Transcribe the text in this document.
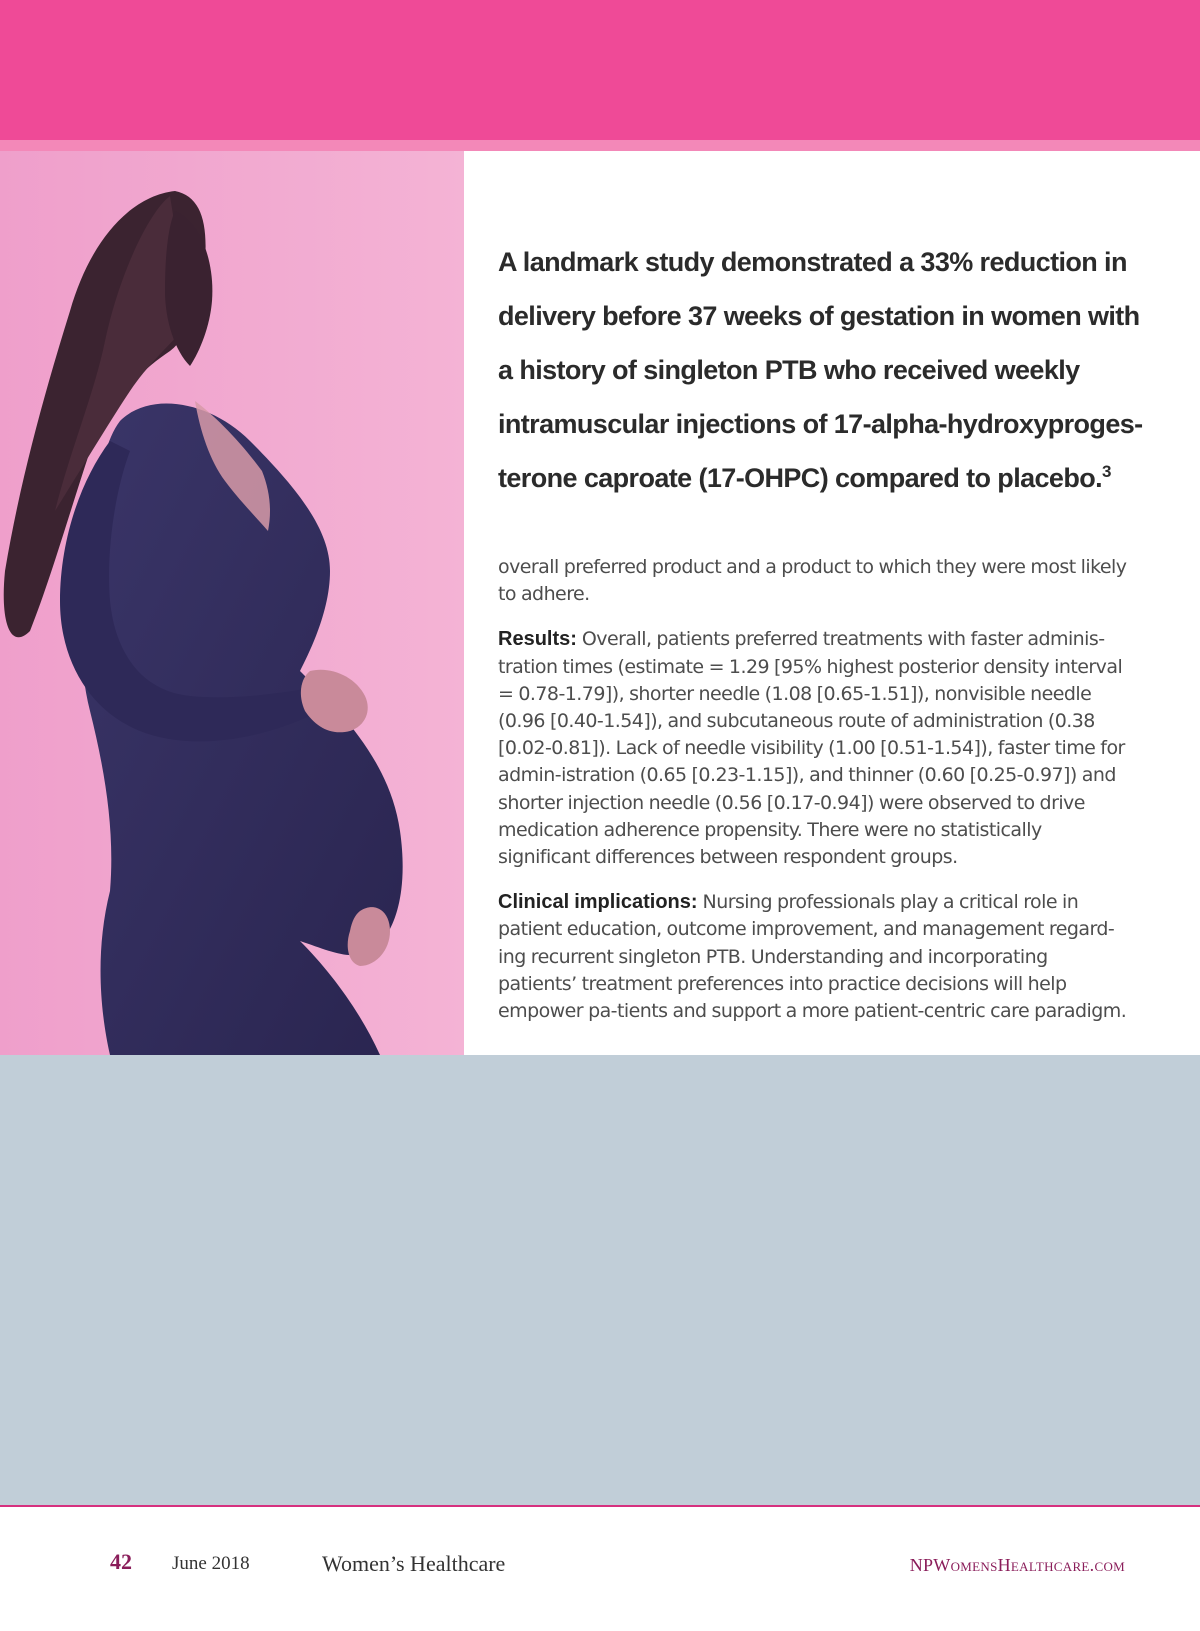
A landmark study demonstrated a 33% reduction in delivery before 37 weeks of gestation in women with a history of singleton PTB who received weekly intramuscular injections of 17-alpha-hydroxyproges-terone caproate (17-OHPC) compared to placebo.$^3$

overall preferred product and a product to which they were most likely to adhere.

Results: Overall, patients preferred treatments with faster adminis-tration times (estimate = 1.29 [95% highest posterior density interval = 0.78-1.79]), shorter needle (1.08 [0.65-1.51]), nonvisible needle (0.96 [0.40-1.54]), and subcutaneous route of administration (0.38 [0.02-0.81]). Lack of needle visibility (1.00 [0.51-1.54]), faster time for admin-istration (0.65 [0.23-1.15]), and thinner (0.60 [0.25-0.97]) and shorter injection needle (0.56 [0.17-0.94]) were observed to drive medication adherence propensity. There were no statistically significant differences between respondent groups.

Clinical implications: Nursing professionals play a critical role in patient education, outcome improvement, and management regard-ing recurrent singleton PTB. Understanding and incorporating patients’ treatment preferences into practice decisions will help empower pa-tients and support a more patient-centric care paradigm.

42 June 2018	Women’s Healthcare	NPWomensHealthcare.com
